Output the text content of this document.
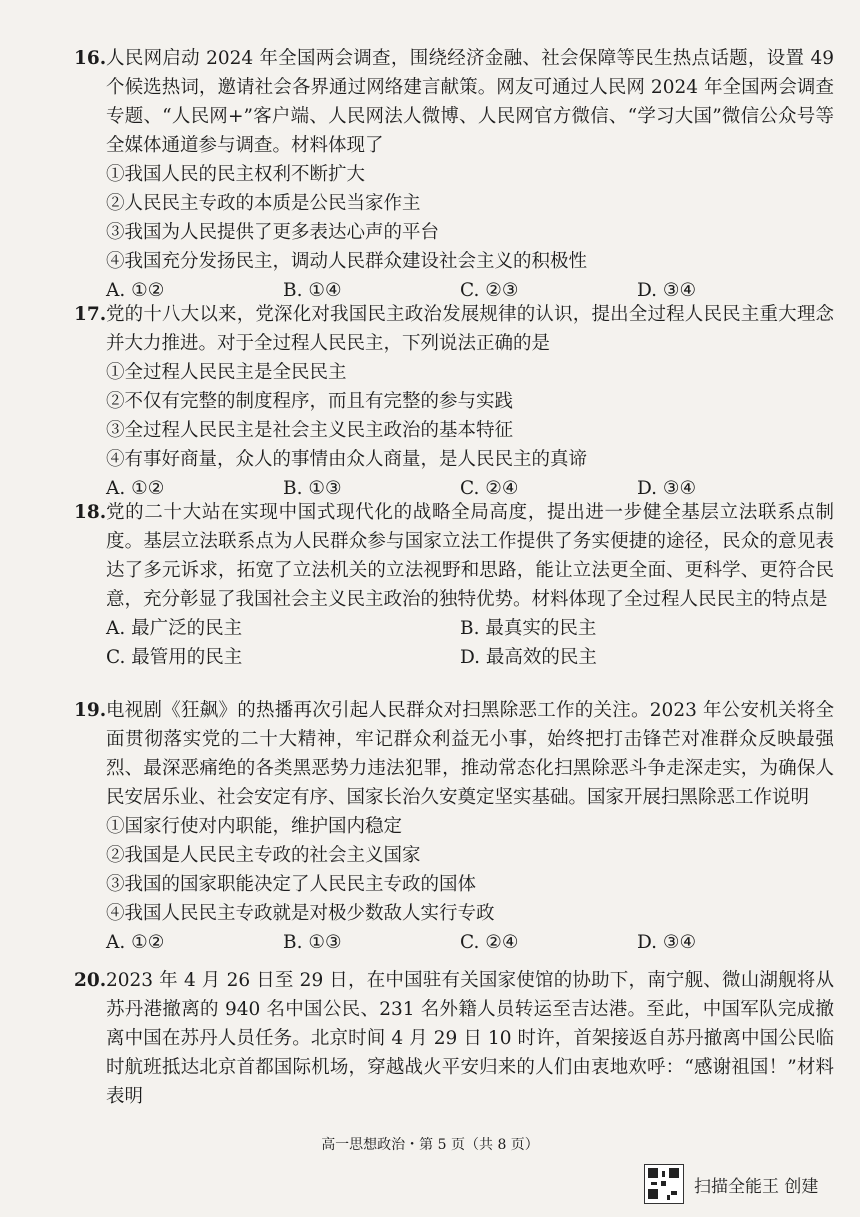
16. 人民网启动 2024 年全国两会调查，围绕经济金融、社会保障等民生热点话题，设置 49 个候选热词，邀请社会各界通过网络建言献策。网友可通过人民网 2024 年全国两会调查专题、“人民网+”客户端、人民网法人微博、人民网官方微信、“学习大国”微信公众号等全媒体通道参与调查。材料体现了
①我国人民的民主权利不断扩大
②人民民主专政的本质是公民当家作主
③我国为人民提供了更多表达心声的平台
④我国充分发扬民主，调动人民群众建设社会主义的积极性
A. ①②	B. ①④	C. ②③	D. ③④
17. 党的十八大以来，党深化对我国民主政治发展规律的认识，提出全过程人民民主重大理念并大力推进。对于全过程人民民主，下列说法正确的是
①全过程人民民主是全民民主
②不仅有完整的制度程序，而且有完整的参与实践
③全过程人民民主是社会主义民主政治的基本特征
④有事好商量，众人的事情由众人商量，是人民民主的真谛
A. ①②	B. ①③	C. ②④	D. ③④
18. 党的二十大站在实现中国式现代化的战略全局高度，提出进一步健全基层立法联系点制度。基层立法联系点为人民群众参与国家立法工作提供了务实便捷的途径，民众的意见表达了多元诉求，拓宽了立法机关的立法视野和思路，能让立法更全面、更科学、更符合民意，充分彰显了我国社会主义民主政治的独特优势。材料体现了全过程人民民主的特点是
A. 最广泛的民主	B. 最真实的民主
C. 最管用的民主	D. 最高效的民主
19. 电视剧《狂飙》的热播再次引起人民群众对扫黑除恶工作的关注。2023 年公安机关将全面贯彻落实党的二十大精神，牢记群众利益无小事，始终把打击锋芒对准群众反映最强烈、最深恶痛绝的各类黑恶势力违法犯罪，推动常态化扫黑除恶斗争走深走实，为确保人民安居乐业、社会安定有序、国家长治久安奠定坚实基础。国家开展扫黑除恶工作说明
①国家行使对内职能，维护国内稳定
②我国是人民民主专政的社会主义国家
③我国的国家职能决定了人民民主专政的国体
④我国人民民主专政就是对极少数敌人实行专政
A. ①②	B. ①③	C. ②④	D. ③④
20. 2023 年 4 月 26 日至 29 日，在中国驻有关国家使馆的协助下，南宁舰、微山湖舰将从苏丹港撤离的 940 名中国公民、231 名外籍人员转运至吉达港。至此，中国军队完成撤离中国在苏丹人员任务。北京时间 4 月 29 日 10 时许，首架接返自苏丹撤离中国公民临时航班抵达北京首都国际机场，穿越战火平安归来的人们由衷地欢呼：“感谢祖国！”材料表明
高一思想政治・第 5 页（共 8 页）
扫描全能王 创建
